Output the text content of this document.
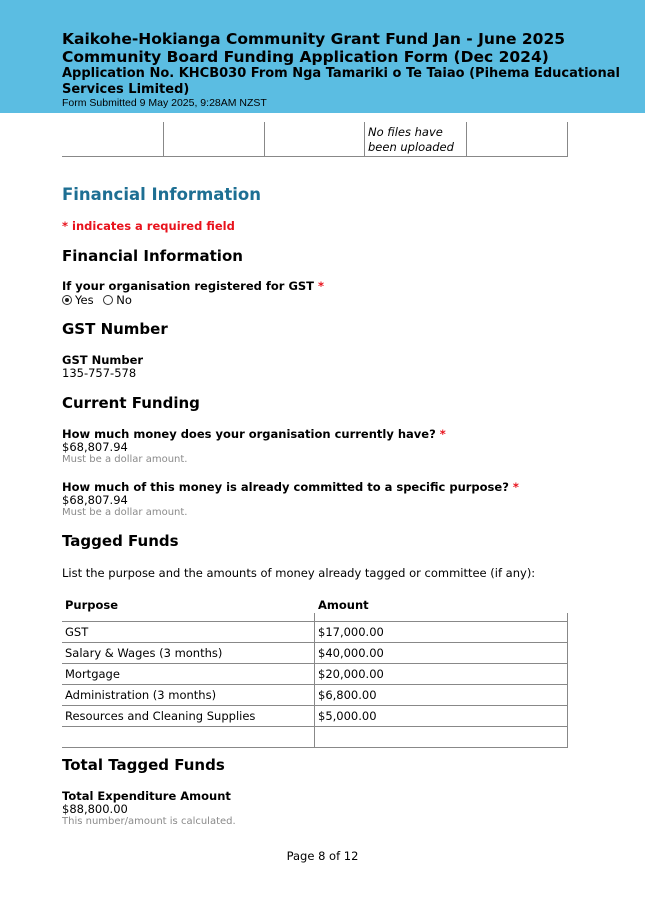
Kaikohe-Hokianga Community Grant Fund Jan - June 2025
Community Board Funding Application Form (Dec 2024)
Application No. KHCB030 From Nga Tamariki o Te Taiao (Pihema Educational Services Limited)
Form Submitted 9 May 2025, 9:28AM NZST
No files have been uploaded
Financial Information
* indicates a required field
Financial Information
If your organisation registered for GST *
Yes No
GST Number
GST Number
135-757-578
Current Funding
How much money does your organisation currently have? *
$68,807.94
Must be a dollar amount.
How much of this money is already committed to a specific purpose? *
$68,807.94
Must be a dollar amount.
Tagged Funds
List the purpose and the amounts of money already tagged or committee (if any):
Purpose	Amount
GST	$17,000.00
Salary & Wages (3 months)	$40,000.00
Mortgage	$20,000.00
Administration (3 months)	$6,800.00
Resources and Cleaning Supplies	$5,000.00
Total Tagged Funds
Total Expenditure Amount
$88,800.00
This number/amount is calculated.
Page 8 of 12
